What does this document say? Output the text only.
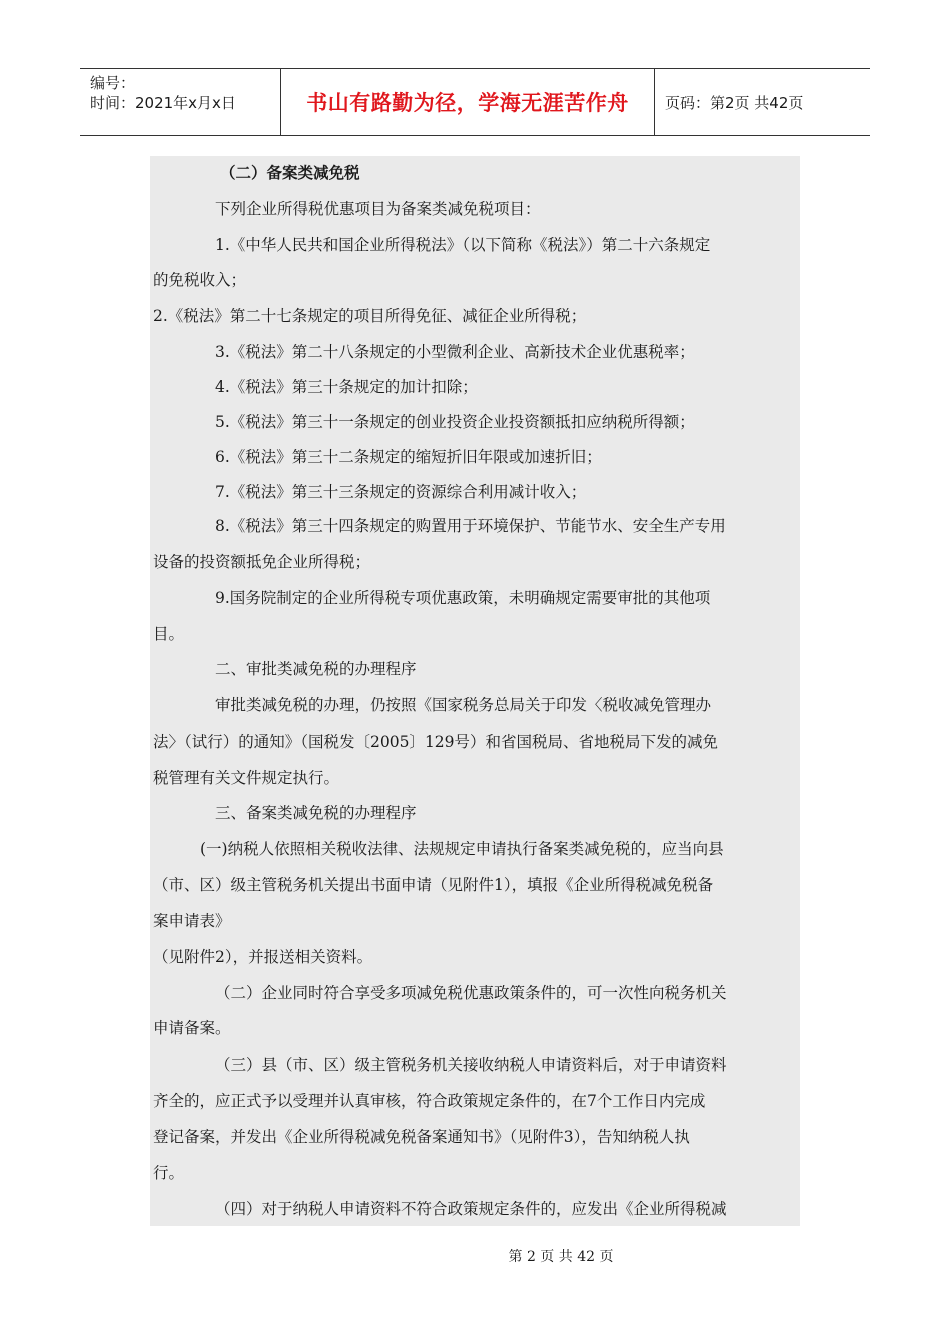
编号：
时间：2021年x月x日	书山有路勤为径，学海无涯苦作舟	页码：第2页 共42页

（二）备案类减免税

下列企业所得税优惠项目为备案类减免税项目：

1.《中华人民共和国企业所得税法》（以下简称《税法》）第二十六条规定

的免税收入；

2.《税法》第二十七条规定的项目所得免征、减征企业所得税；

3.《税法》第二十八条规定的小型微利企业、高新技术企业优惠税率；

4.《税法》第三十条规定的加计扣除；

5.《税法》第三十一条规定的创业投资企业投资额抵扣应纳税所得额；

6.《税法》第三十二条规定的缩短折旧年限或加速折旧；

7.《税法》第三十三条规定的资源综合利用减计收入；

8.《税法》第三十四条规定的购置用于环境保护、节能节水、安全生产专用

设备的投资额抵免企业所得税；

9.国务院制定的企业所得税专项优惠政策，未明确规定需要审批的其他项

目。

二、审批类减免税的办理程序

审批类减免税的办理，仍按照《国家税务总局关于印发〈税收减免管理办

法〉（试行）的通知》（国税发〔2005〕129号）和省国税局、省地税局下发的减免

税管理有关文件规定执行。

三、备案类减免税的办理程序

(一)纳税人依照相关税收法律、法规规定申请执行备案类减免税的，应当向县

（市、区）级主管税务机关提出书面申请（见附件1），填报《企业所得税减免税备

案申请表》

（见附件2），并报送相关资料。

（二）企业同时符合享受多项减免税优惠政策条件的，可一次性向税务机关

申请备案。

（三）县（市、区）级主管税务机关接收纳税人申请资料后，对于申请资料

齐全的，应正式予以受理并认真审核，符合政策规定条件的，在7个工作日内完成

登记备案，并发出《企业所得税减免税备案通知书》（见附件3），告知纳税人执

行。

（四）对于纳税人申请资料不符合政策规定条件的，应发出《企业所得税减

第 2 页 共 42 页
